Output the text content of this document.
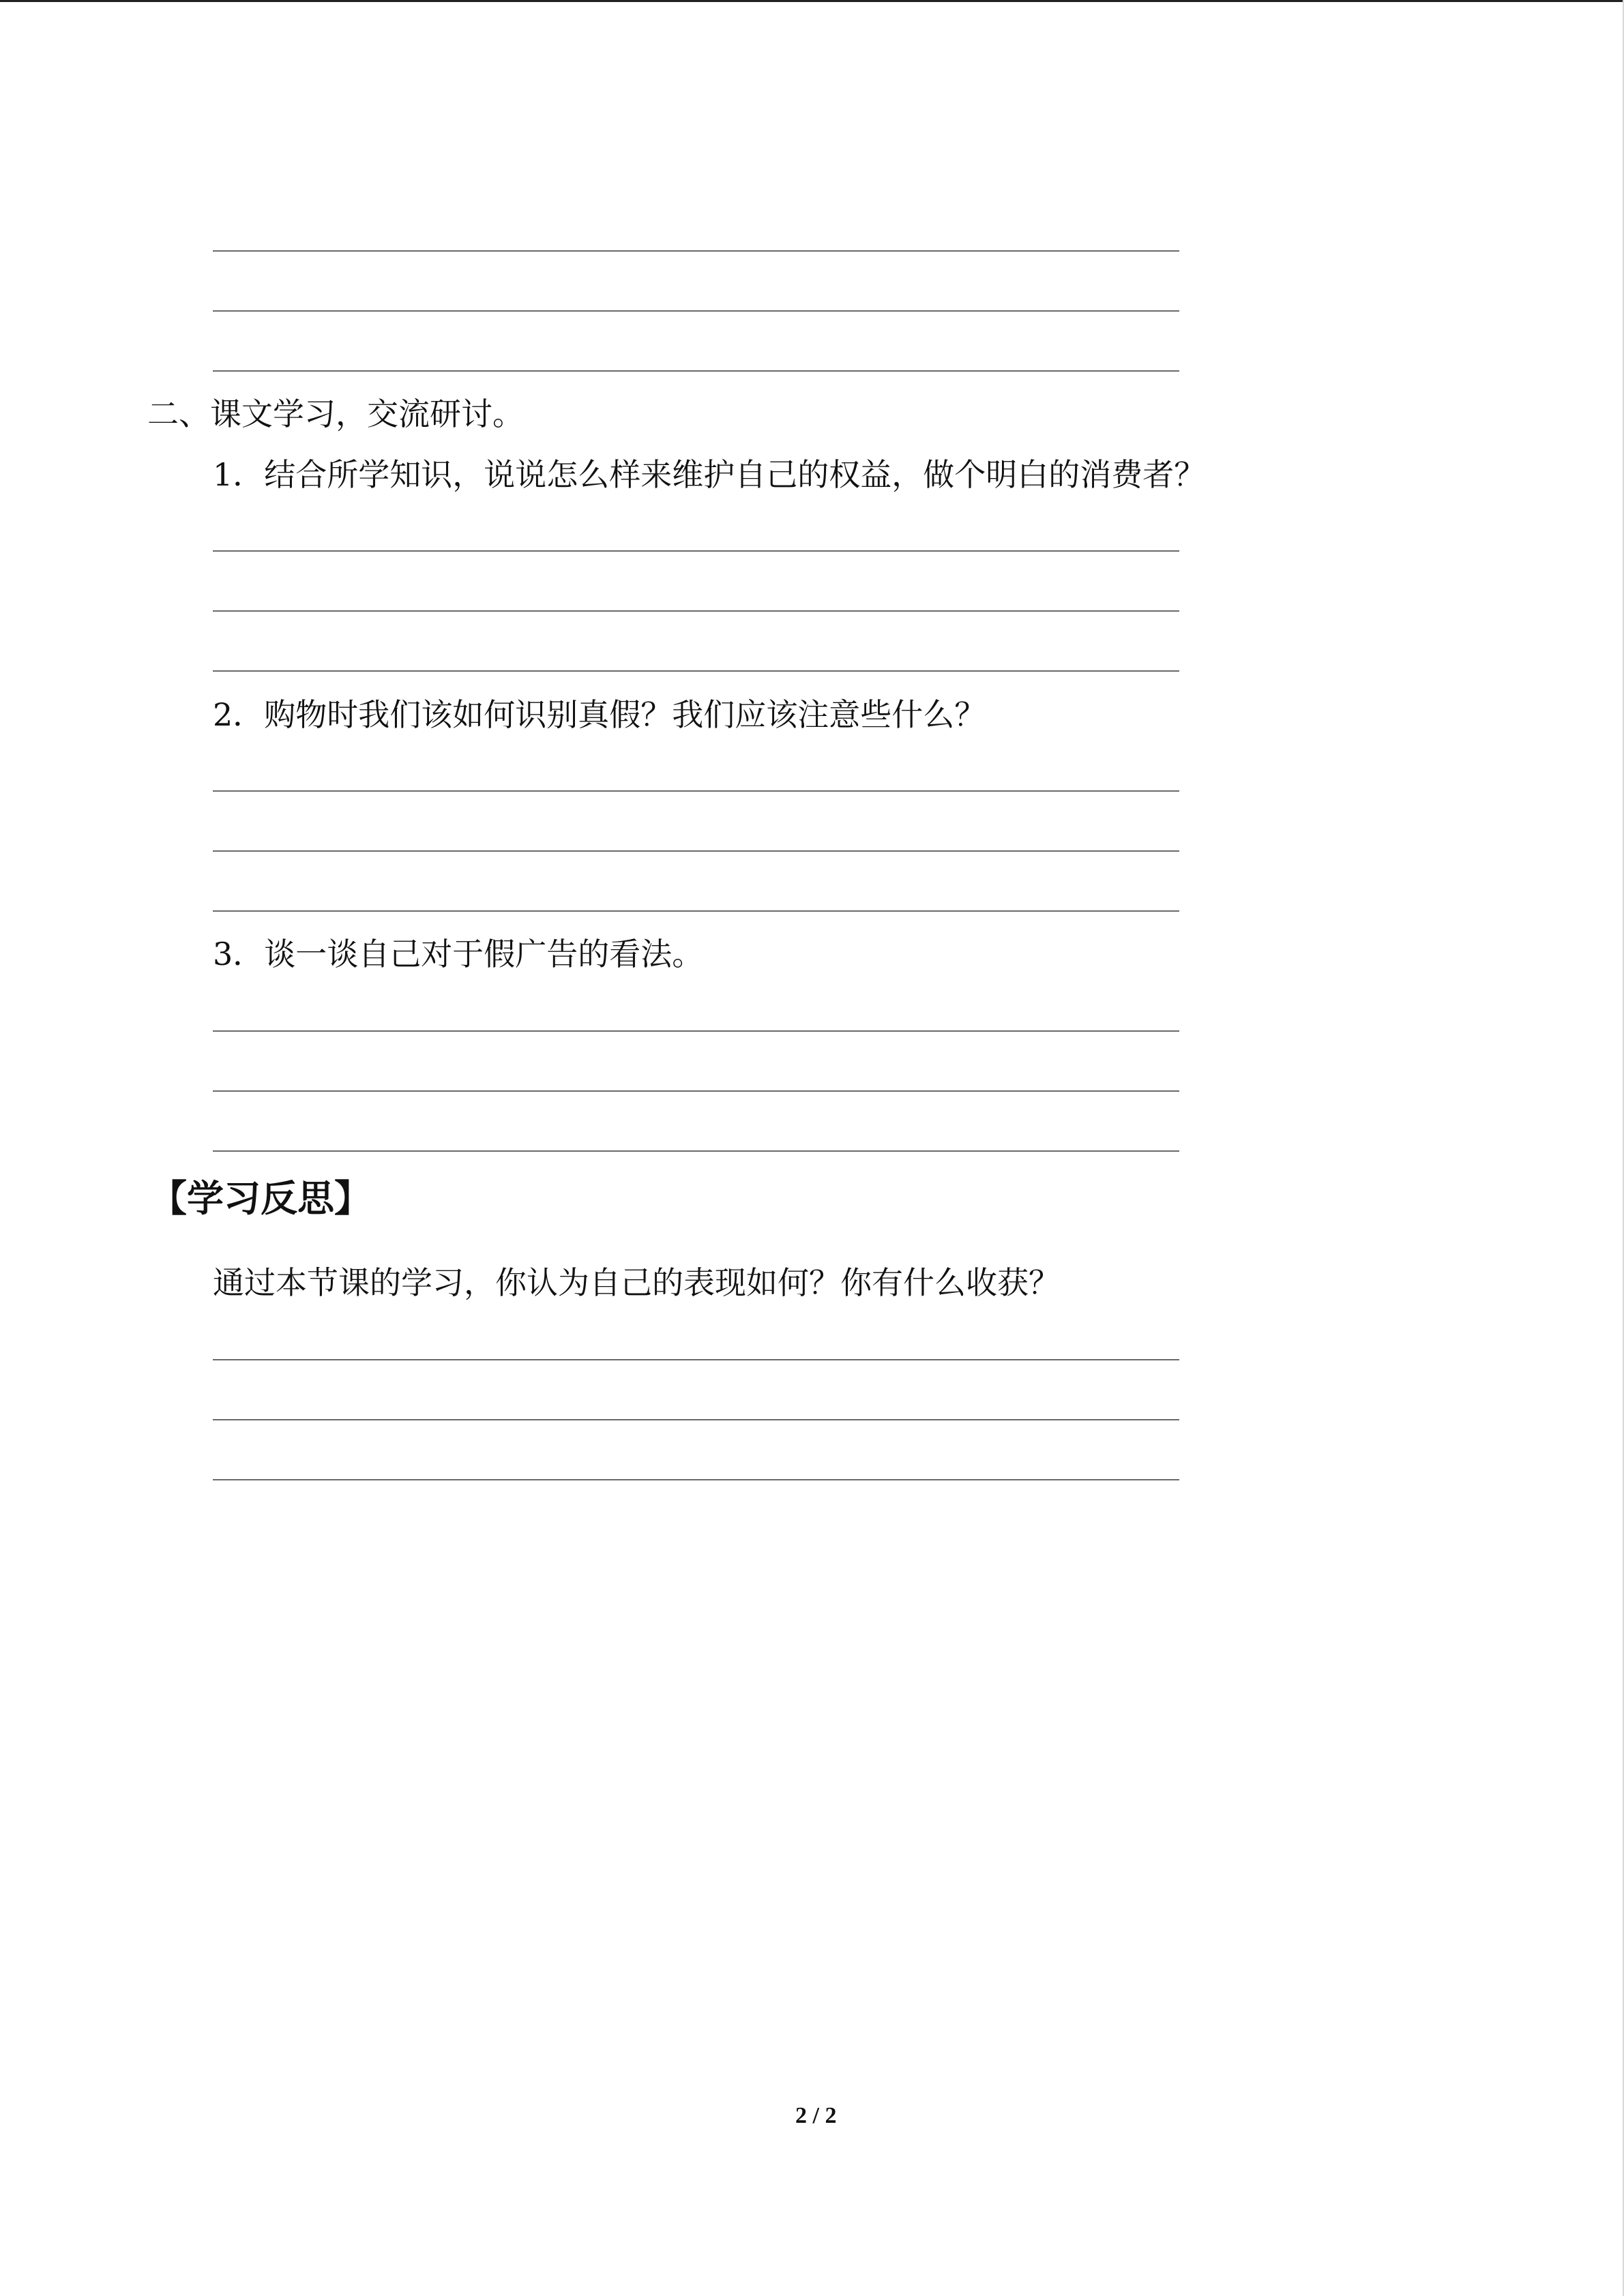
二、课文学习，交流研讨。
1．结合所学知识，说说怎么样来维护自己的权益，做个明白的消费者？
2．购物时我们该如何识别真假？我们应该注意些什么？
3．谈一谈自己对于假广告的看法。
【学习反思】
通过本节课的学习，你认为自己的表现如何？你有什么收获？
2 / 2
